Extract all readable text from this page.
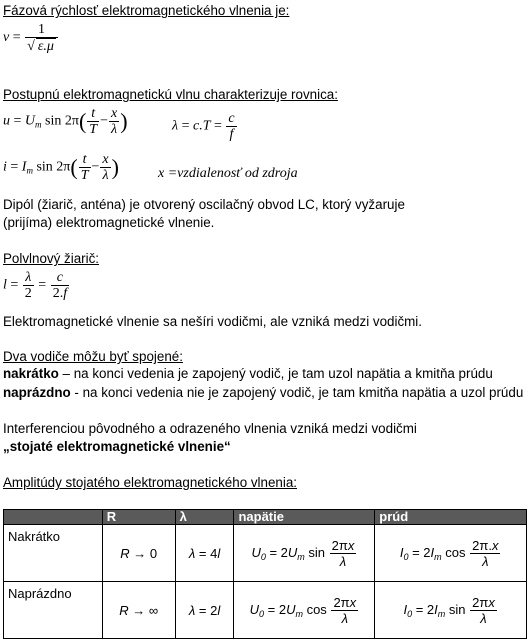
Fázová rýchlosť elektromagnetického vlnenia je:
$v = \frac{1}{√ \varepsilon.\mu}$
Postupnú elektromagnetickú vlnu charakterizuje rovnica:
$u = U_m$ $\sin 2\pi( \frac{t}{T} - \frac{x}{\lambda}$ )	$\lambda = c.T = \frac{c}{f}$
$i = I_m$ $\sin 2\pi( \frac{t}{T} - \frac{x}{\lambda}$ )	x =vzdialenosť od zdroja
Dipól (žiarič, anténa) je otvorený oscilačný obvod LC, ktorý vyžaruje
(prijíma) elektromagnetické vlnenie.
Polvlnový žiarič:
$l = \frac{\lambda}{2} = \frac{c}{2.f}$
Elektromagnetické vlnenie sa nešíri vodičmi, ale vzniká medzi vodičmi.
Dva vodiče môžu byť spojené:
nakrátko – na konci vedenia je zapojený vodič, je tam uzol napätia a kmitňa prúdu
naprázdno - na konci vedenia nie je zapojený vodič, je tam kmitňa napätia a uzol prúdu
Interferenciou pôvodného a odrazeného vlnenia vzniká medzi vodičmi
„stojaté elektromagnetické vlnenie“
Amplitúdy stojatého elektromagnetického vlnenia:
	R	λ	napätie	prúd
Nakrátko	R → 0	λ = 4l	$U_0 = 2U_m$ $\sin \frac{2\pi x}{\lambda}$	$I_0 = 2I_m$ $\cos \frac{2\pi.x}{\lambda}$

Naprázdno	R → ∞	λ = 2l	$U_0 = 2U_m$ $\cos \frac{2\pi x}{\lambda}$	$I_0 = 2I_m$ $\sin \frac{2\pi x}{\lambda}$
